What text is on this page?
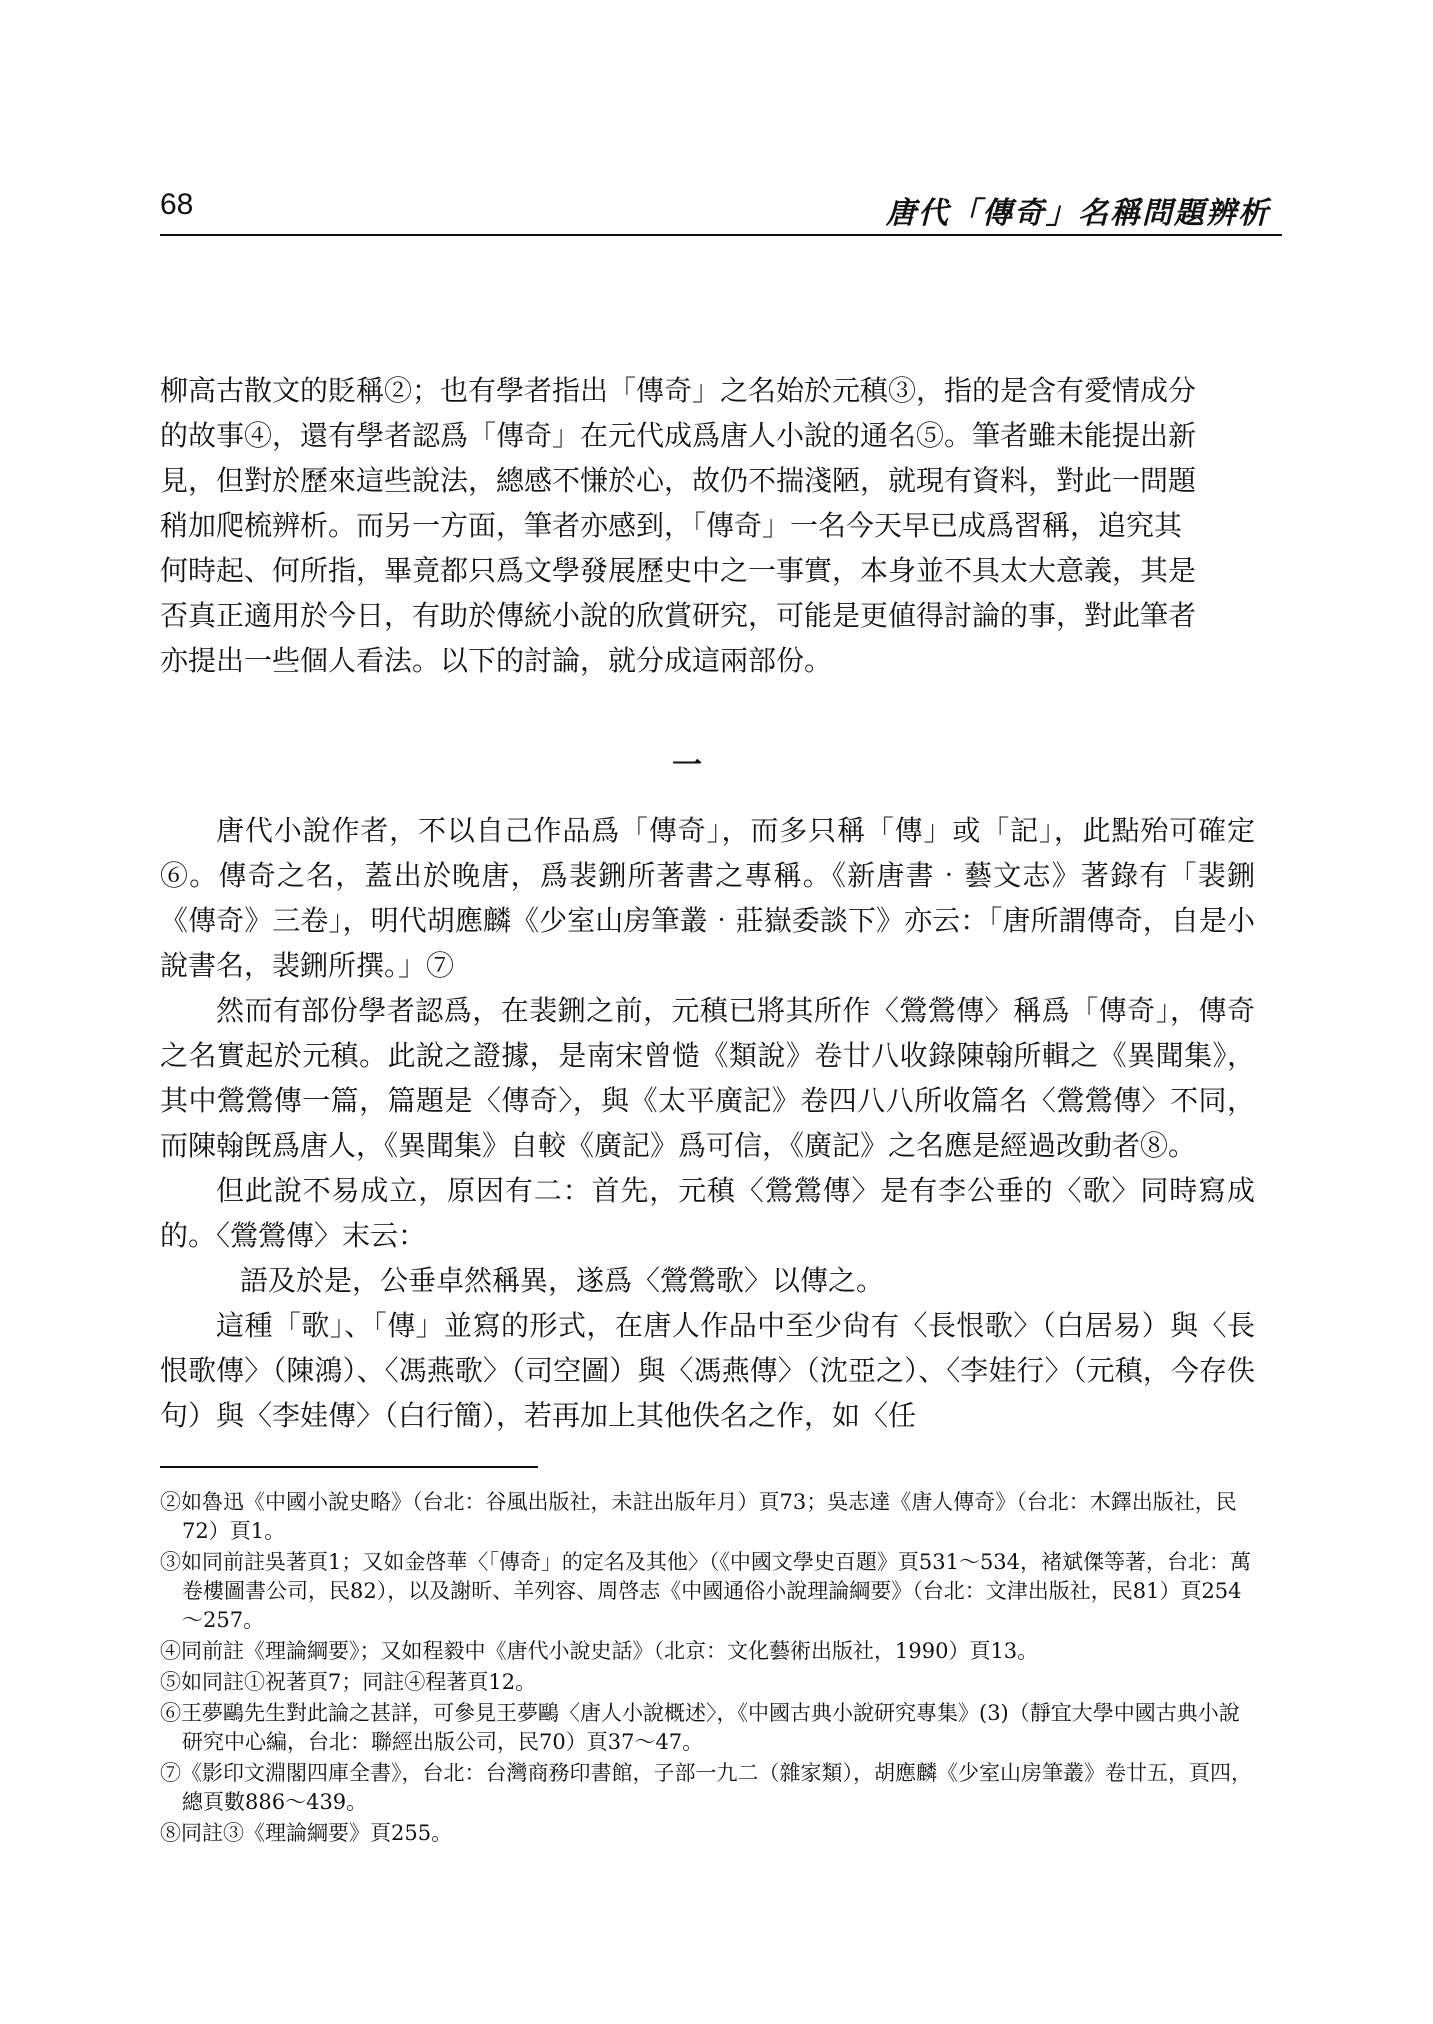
68	唐代「傳奇」名稱問題辨析
柳高古散文的貶稱②；也有學者指出「傳奇」之名始於元稹③，指的是含有愛情成分
的故事④，還有學者認爲「傳奇」在元代成爲唐人小說的通名⑤。筆者雖未能提出新
見，但對於歷來這些說法，總感不慊於心，故仍不揣淺陋，就現有資料，對此一問題
稍加爬梳辨析。而另一方面，筆者亦感到，「傳奇」一名今天早已成爲習稱，追究其
何時起、何所指，畢竟都只爲文學發展歷史中之一事實，本身並不具太大意義，其是
否真正適用於今日，有助於傳統小說的欣賞研究，可能是更値得討論的事，對此筆者
亦提出一些個人看法。以下的討論，就分成這兩部份。
一

唐代小說作者，不以自己作品爲「傳奇」，而多只稱「傳」或「記」，此點殆可確定⑥。傳奇之名，蓋出於晚唐，爲裴鉶所著書之專稱。《新唐書‧藝文志》著錄有「裴鉶《傳奇》三卷」，明代胡應麟《少室山房筆叢‧莊嶽委談下》亦云：「唐所謂傳奇，自是小說書名，裴鉶所撰。」⑦

然而有部份學者認爲，在裴鉶之前，元稹已將其所作〈鶯鶯傳〉稱爲「傳奇」，傳奇之名實起於元稹。此說之證據，是南宋曾慥《類說》卷廿八收錄陳翰所輯之《異聞集》，其中鶯鶯傳一篇，篇題是〈傳奇〉，與《太平廣記》卷四八八所收篇名〈鶯鶯傳〉不同，而陳翰旣爲唐人，《異聞集》自較《廣記》爲可信，《廣記》之名應是經過改動者⑧。

但此說不易成立，原因有二：首先，元稹〈鶯鶯傳〉是有李公垂的〈歌〉同時寫成的。〈鶯鶯傳〉末云：

語及於是，公垂卓然稱異，遂爲〈鶯鶯歌〉以傳之。

這種「歌」、「傳」並寫的形式，在唐人作品中至少尙有〈長恨歌〉（白居易）與〈長恨歌傳〉（陳鴻）、〈馮燕歌〉（司空圖）與〈馮燕傳〉（沈亞之）、〈李娃行〉（元稹，今存佚句）與〈李娃傳〉（白行簡），若再加上其他佚名之作，如〈任

②如魯迅《中國小說史略》（台北：谷風出版社，未註出版年月）頁73；吳志達《唐人傳奇》（台北：木鐸出版社，民72）頁1。

③如同前註吳著頁1；又如金啓華〈「傳奇」的定名及其他〉（《中國文學史百題》頁531～534，褚斌傑等著，台北：萬卷樓圖書公司，民82），以及謝昕、羊列容、周啓志《中國通俗小說理論綱要》（台北：文津出版社，民81）頁254～257。

④同前註《理論綱要》；又如程毅中《唐代小說史話》（北京：文化藝術出版社，1990）頁13。

⑤如同註①祝著頁7；同註④程著頁12。

⑥王夢鷗先生對此論之甚詳，可參見王夢鷗〈唐人小說概述〉，《中國古典小說研究專集》(3)（靜宜大學中國古典小說研究中心編，台北：聯經出版公司，民70）頁37～47。

⑦《影印文淵閣四庫全書》，台北：台灣商務印書館，子部一九二（雜家類），胡應麟《少室山房筆叢》卷廿五，頁四，總頁數886～439。

⑧同註③《理論綱要》頁255。
